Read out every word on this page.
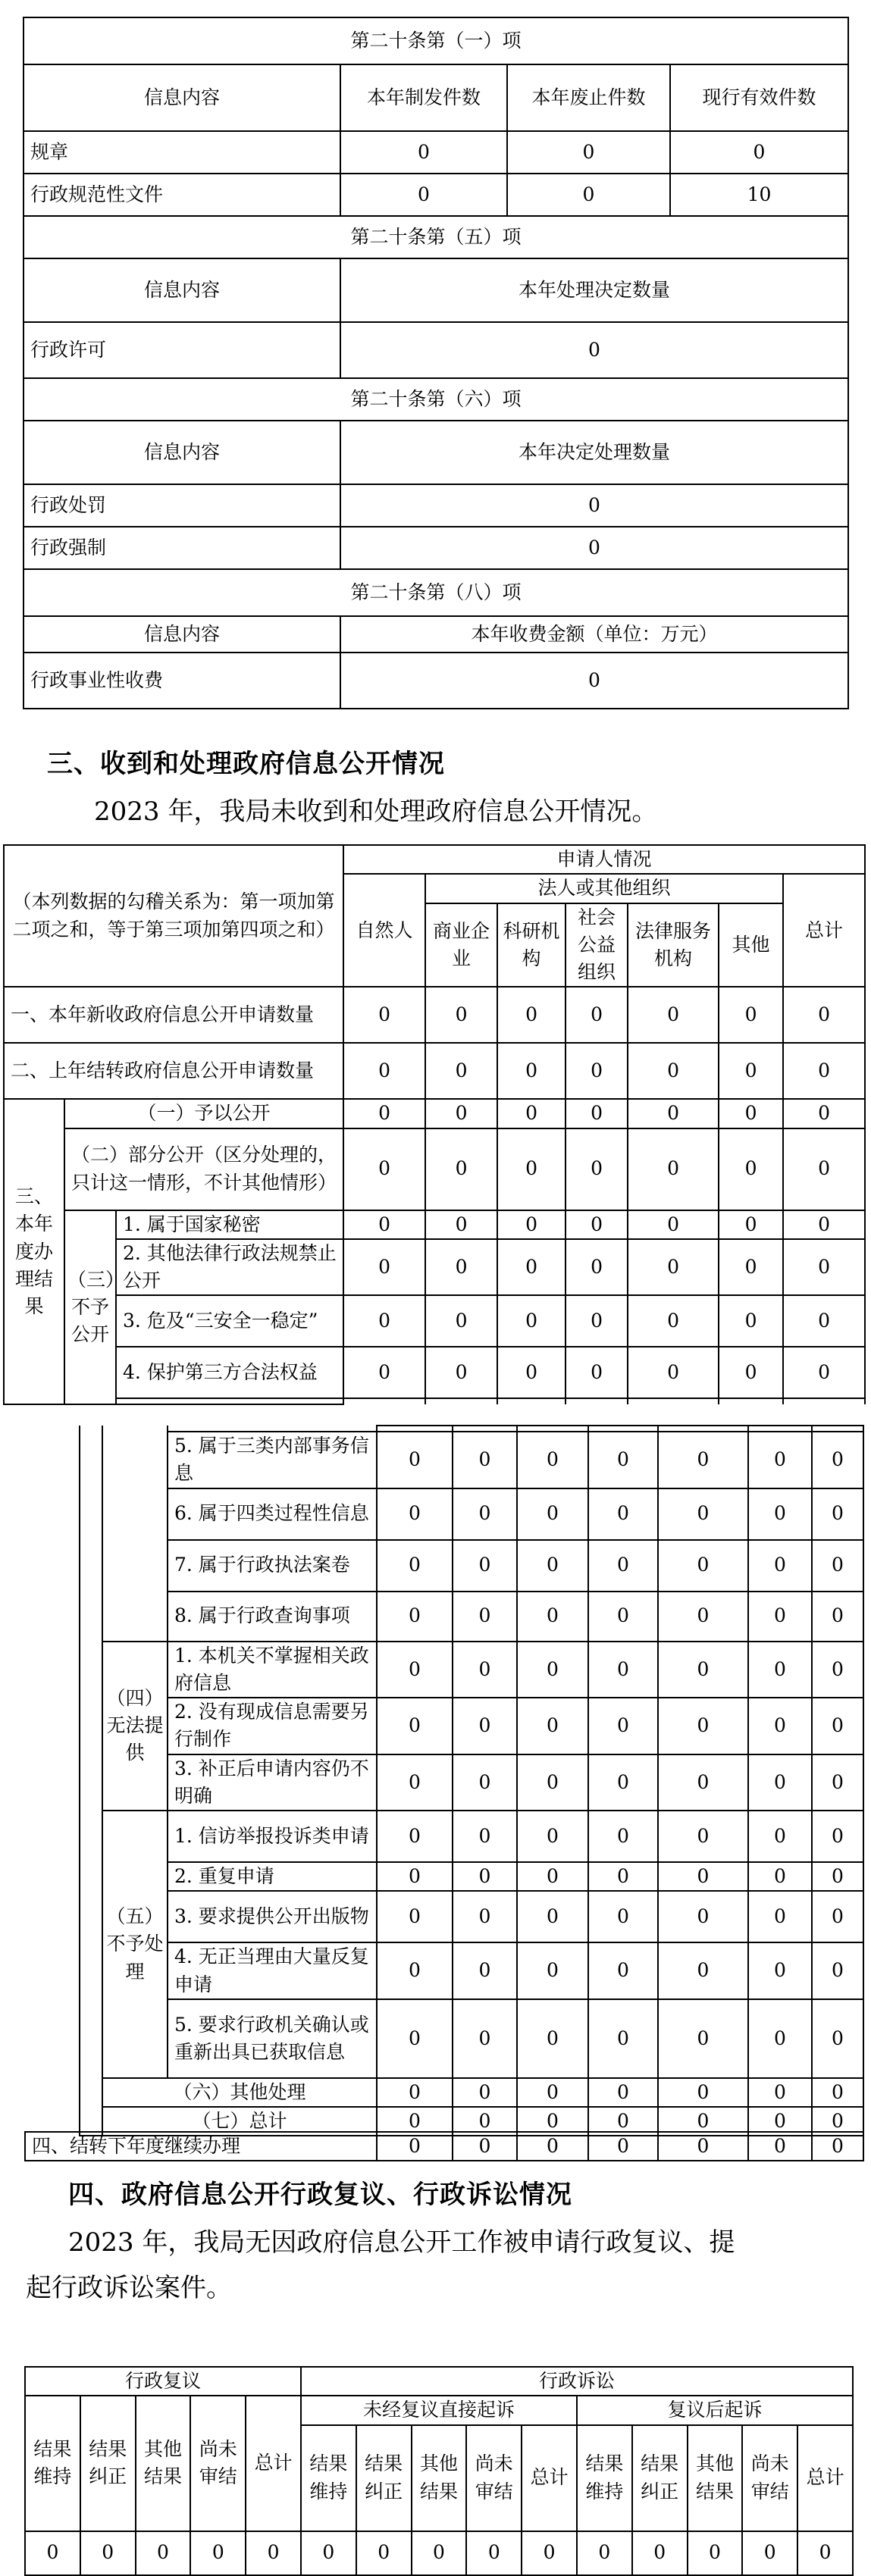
第二十条第（一）项			
信息内容	本年制发件数	本年废止件数	现行有效件数
规章	0	0	0
行政规范性文件	0	0	10
第二十条第（五）项			
信息内容	本年处理决定数量		
行政许可	0		
第二十条第（六）项			
信息内容	本年决定处理数量		
行政处罚	0		
行政强制	0		
第二十条第（八）项			
信息内容	本年收费金额（单位：万元）		
行政事业性收费	0		
三、收到和处理政府信息公开情况
2023 年，我局未收到和处理政府信息公开情况。
（本列数据的勾稽关系为：第一项加第二项之和，等于第三项加第四项之和）			申请人情况						
			自然人	法人或其他组织					总计
				商业企业	科研机构	社会公益组织	法律服务机构	其他	
一、本年新收政府信息公开申请数量			0	0	0	0	0	0	0
二、上年结转政府信息公开申请数量			0	0	0	0	0	0	0
三、本年度办理结果	（一）予以公开		0	0	0	0	0	0	0
	（二）部分公开（区分处理的，只计这一情形，不计其他情形）		0	0	0	0	0	0	0
	（三）不予公开	1. 属于国家秘密	0	0	0	0	0	0	0
		2. 其他法律行政法规禁止公开	0	0	0	0	0	0	0
		3. 危及“三安全一稳定”	0	0	0	0	0	0	0
		4. 保护第三方合法权益	0	0	0	0	0	0	0

		5. 属于三类内部事务信息	0	0	0	0	0	0	0
		6. 属于四类过程性信息	0	0	0	0	0	0	0
		7. 属于行政执法案卷	0	0	0	0	0	0	0
		8. 属于行政查询事项	0	0	0	0	0	0	0
	（四）无法提供	1. 本机关不掌握相关政府信息	0	0	0	0	0	0	0
		2. 没有现成信息需要另行制作	0	0	0	0	0	0	0
		3. 补正后申请内容仍不明确	0	0	0	0	0	0	0
	（五）不予处理	1. 信访举报投诉类申请	0	0	0	0	0	0	0
		2. 重复申请	0	0	0	0	0	0	0
		3. 要求提供公开出版物	0	0	0	0	0	0	0
		4. 无正当理由大量反复申请	0	0	0	0	0	0	0
		5. 要求行政机关确认或重新出具已获取信息	0	0	0	0	0	0	0
	（六）其他处理		0	0	0	0	0	0	0
	（七）总计		0	0	0	0	0	0	0
四、结转下年度继续办理	0	0	0	0	0	0	0
四、政府信息公开行政复议、行政诉讼情况
2023 年，我局无因政府信息公开工作被申请行政复议、提
起行政诉讼案件。
行政复议					行政诉讼									
结果维持	结果纠正	其他结果	尚未审结	总计	未经复议直接起诉					复议后起诉				
					结果维持	结果纠正	其他结果	尚未审结	总计	结果维持	结果纠正	其他结果	尚未审结	总计
0	0	0	0	0	0	0	0	0	0	0	0	0	0	0
